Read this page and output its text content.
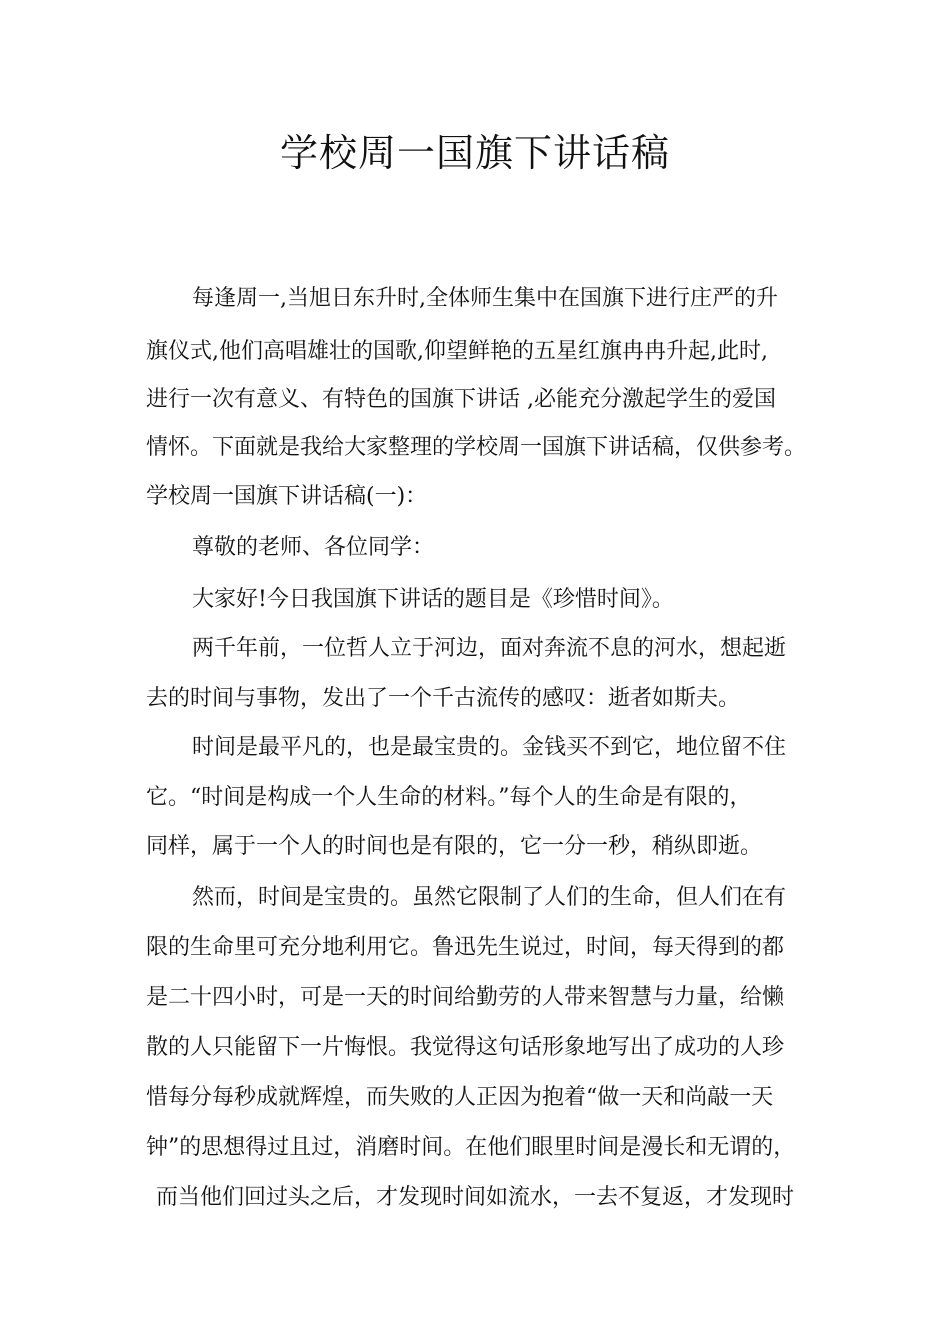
学校周一国旗下讲话稿
每逢周一,当旭日东升时,全体师生集中在国旗下进行庄严的升
旗仪式,他们高唱雄壮的国歌,仰望鲜艳的五星红旗冉冉升起,此时,
进行一次有意义、有特色的国旗下讲话 ,必能充分激起学生的爱国
情怀。下面就是我给大家整理的学校周一国旗下讲话稿，仅供参考。
学校周一国旗下讲话稿(一)：
尊敬的老师、各位同学：
大家好!今日我国旗下讲话的题目是《珍惜时间》。
两千年前，一位哲人立于河边，面对奔流不息的河水，想起逝
去的时间与事物，发出了一个千古流传的感叹：逝者如斯夫。
时间是最平凡的，也是最宝贵的。金钱买不到它，地位留不住
它。“时间是构成一个人生命的材料。”每个人的生命是有限的，
同样，属于一个人的时间也是有限的，它一分一秒，稍纵即逝。
然而，时间是宝贵的。虽然它限制了人们的生命，但人们在有
限的生命里可充分地利用它。鲁迅先生说过，时间，每天得到的都
是二十四小时，可是一天的时间给勤劳的人带来智慧与力量，给懒
散的人只能留下一片悔恨。我觉得这句话形象地写出了成功的人珍
惜每分每秒成就辉煌，而失败的人正因为抱着“做一天和尚敲一天
钟”的思想得过且过，消磨时间。在他们眼里时间是漫长和无谓的，
而当他们回过头之后，才发现时间如流水，一去不复返，才发现时
